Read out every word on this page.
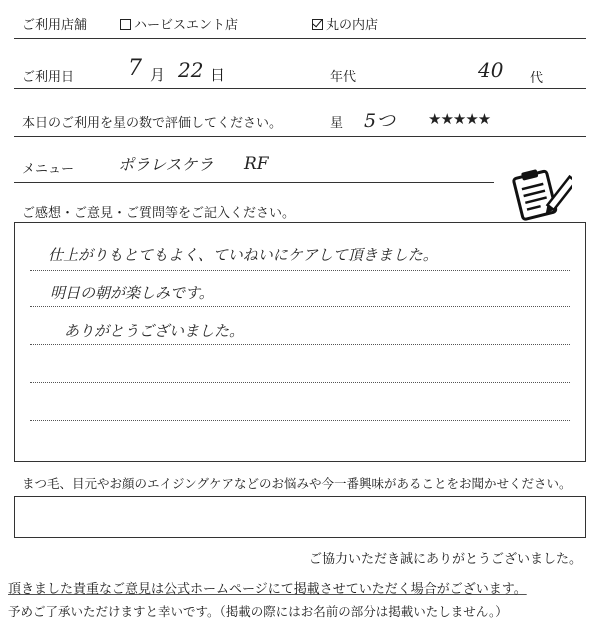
ご利用店舗	ハービスエント店	丸の内店
ご利用日 7 月 22 日	年代	40 代
本日のご利用を星の数で評価してください。	星 5つ ★★★★★
メニュー	ポラレスケラ RF
ご感想・ご意見・ご質問等をご記入ください。
仕上がりもとてもよく、ていねいにケアして頂きました。
明日の朝が楽しみです。
ありがとうございました。
まつ毛、目元やお顔のエイジングケアなどのお悩みや今一番興味があることをお聞かせください。
ご協力いただき誠にありがとうございました。
頂きました貴重なご意見は公式ホームページにて掲載させていただく場合がございます。
予めご了承いただけますと幸いです。（掲載の際にはお名前の部分は掲載いたしません。）
